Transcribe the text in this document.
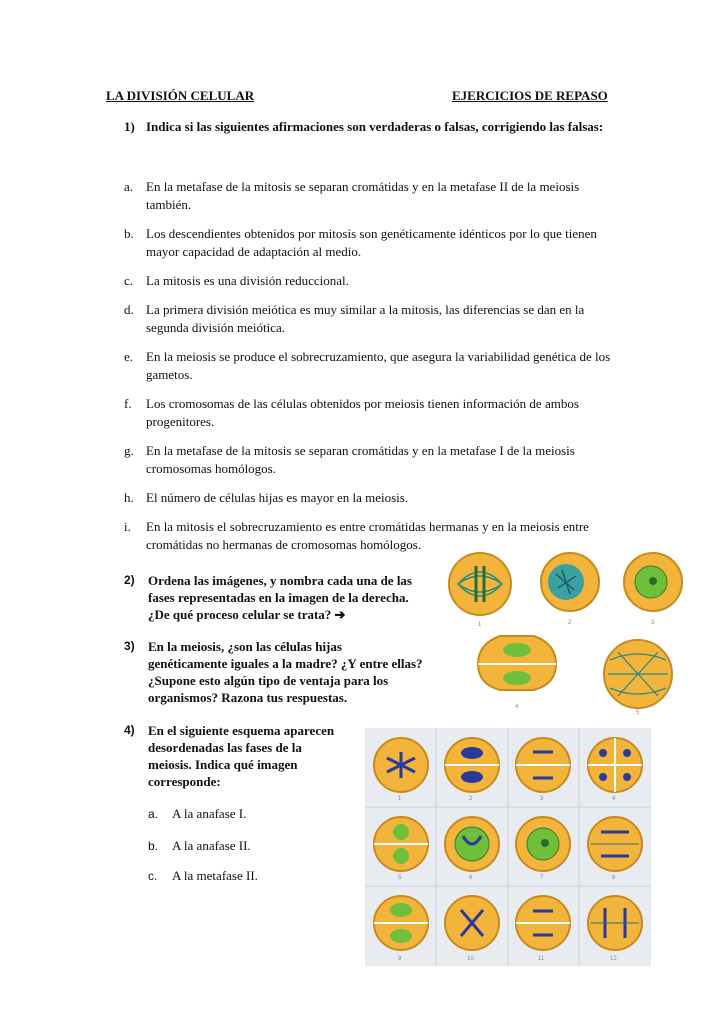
LA DIVISIÓN CELULAR	EJERCICIOS DE REPASO
1) Indica si las siguientes afirmaciones son verdaderas o falsas, corrigiendo las falsas:
a. En la metafase de la mitosis se separan cromátidas y en la metafase II de la meiosis también.
b. Los descendientes obtenidos por mitosis son genéticamente idénticos por lo que tienen mayor capacidad de adaptación al medio.
c. La mitosis es una división reduccional.
d. La primera división meiótica es muy similar a la mitosis, las diferencias se dan en la segunda división meiótica.
e. En la meiosis se produce el sobrecruzamiento, que asegura la variabilidad genética de los gametos.
f. Los cromosomas de las células obtenidos por meiosis tienen información de ambos progenitores.
g. En la metafase de la mitosis se separan cromátidas y en la metafase I de la meiosis cromosomas homólogos.
h. El número de células hijas es mayor en la meiosis.
i. En la mitosis el sobrecruzamiento es entre cromátidas hermanas y en la meiosis entre cromátidas no hermanas de cromosomas homólogos.
2) Ordena las imágenes, y nombra cada una de las
fases representadas en la imagen de la derecha.
¿De qué proceso celular se trata? ➔
3) En la meiosis, ¿son las células hijas
genéticamente iguales a la madre? ¿Y entre ellas?
¿Supone esto algún tipo de ventaja para los
organismos? Razona tus respuestas.
4) En el siguiente esquema aparecen
desordenadas las fases de la
meiosis. Indica qué imagen
corresponde:
a. A la anafase I.
b. A la anafase II.
c. A la metafase II.
1	2	3
4
5
1	2	3	4
5	6	7	8
9	10	11	12
